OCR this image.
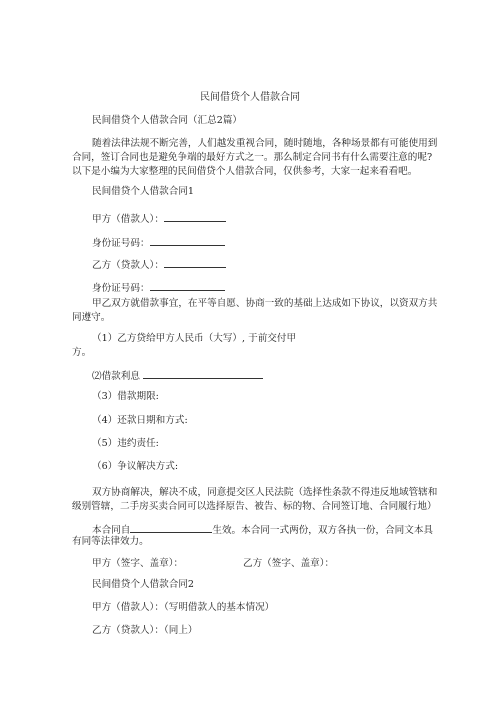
民间借贷个人借款合同
民间借贷个人借款合同（汇总2篇）
随着法律法规不断完善，人们越发重视合同，随时随地，各种场景都有可能使用到
合同，签订合同也是避免争端的最好方式之一。那么制定合同书有什么需要注意的呢?
以下是小编为大家整理的民间借贷个人借款合同，仅供参考，大家一起来看看吧。
民间借贷个人借款合同1
甲方（借款人）：
身份证号码：
乙方（贷款人）：
身份证号码：
甲乙双方就借款事宜，在平等自愿、协商一致的基础上达成如下协议，以资双方共
同遵守。
（1）乙方贷给甲方人民币（大写）, 于前交付甲
方。
⑵借款利息
（3）借款期限:
（4）还款日期和方式:
（5）违约责任:
（6）争议解决方式:
双方协商解决，解决不成，同意提交区人民法院（选择性条款不得违反地域管辖和
级别管辖，二手房买卖合同可以选择原告、被告、标的物、合同签订地、合同履行地）
本合同自	生效。本合同一式两份，双方各执一份，合同文本具
有同等法律效力。
甲方（签字、盖章）：	乙方（签字、盖章）：
民间借贷个人借款合同2
甲方（借款人）：（写明借款人的基本情况）
乙方（贷款人）：（同上）
